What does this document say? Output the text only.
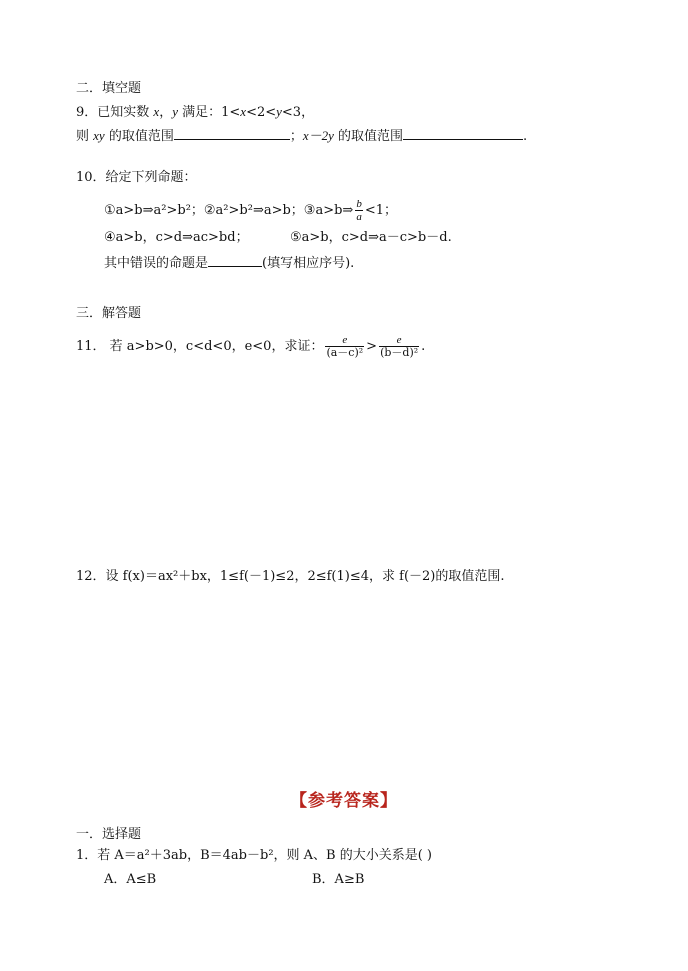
二．填空题
9．已知实数 x，y 满足：1<x<2<y<3，
则 xy 的取值范围	；x－2y 的取值范围	.
10．给定下列命题：
①a>b⇒a²>b²；②a²>b²⇒a>b；③a>b⇒ $\frac{b}{a} <1$；
④a>b，c>d⇒ac>bd；	⑤a>b，c>d⇒a－c>b－d.
其中错误的命题是	(填写相应序号).
三．解答题
11． 若 a>b>0，c<d<0，e<0，求证： $\frac{e}{\text{(a－c)²}} > \frac{e}{\text{(b－d)²}}$ .
12．设 f(x)＝ax²＋bx，1≤f(－1)≤2，2≤f(1)≤4，求 f(－2)的取值范围.
【参考答案】
一．选择题
1．若 A＝a²＋3ab，B＝4ab－b²，则 A、B 的大小关系是( )
A．A≤B	B．A≥B
